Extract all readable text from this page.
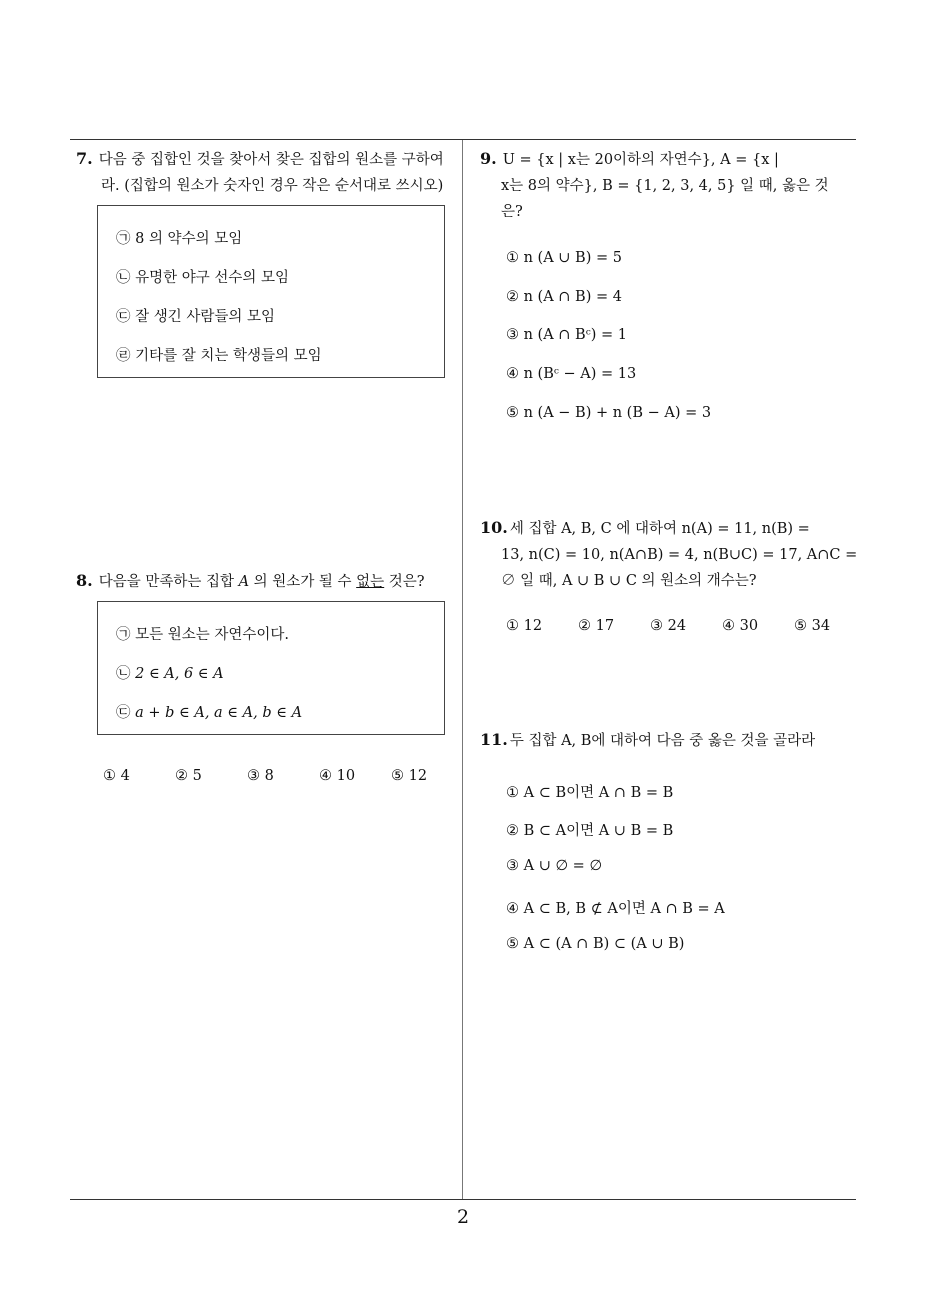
7. 다음 중 집합인 것을 찾아서 찾은 집합의 원소를 구하여
라. (집합의 원소가 숫자인 경우 작은 순서대로 쓰시오)
㉠ 8 의 약수의 모임
㉡ 유명한 야구 선수의 모임
㉢ 잘 생긴 사람들의 모임
㉣ 기타를 잘 치는 학생들의 모임
8. 다음을 만족하는 집합 A 의 원소가 될 수 없는 것은?
㉠ 모든 원소는 자연수이다.
㉡ 2 ∈ A, 6 ∈ A
㉢ a + b ∈ A, a ∈ A, b ∈ A
① 4	② 5	③ 8	④ 10 ⑤ 12
9. U = {x | x는 20이하의 자연수}, A = {x |
x는 8의 약수}, B = {1, 2, 3, 4, 5} 일 때, 옳은 것
은?
① n (A ∪ B) = 5
② n (A ∩ B) = 4
③ n (A ∩ Bᶜ) = 1
④ n (Bᶜ − A) = 13
⑤ n (A − B) + n (B − A) = 3
10. 세 집합 A, B, C 에 대하여 n(A) = 11, n(B) =
13, n(C) = 10, n(A∩B) = 4, n(B∪C) = 17, A∩C =
∅ 일 때, A ∪ B ∪ C 의 원소의 개수는?
① 12 ② 17 ③ 24 ④ 30 ⑤ 34
11. 두 집합 A, B에 대하여 다음 중 옳은 것을 골라라
① A ⊂ B이면 A ∩ B = B
② B ⊂ A이면 A ∪ B = B
③ A ∪ ∅ = ∅
④ A ⊂ B, B ⊄ A이면 A ∩ B = A
⑤ A ⊂ (A ∩ B) ⊂ (A ∪ B)
2
